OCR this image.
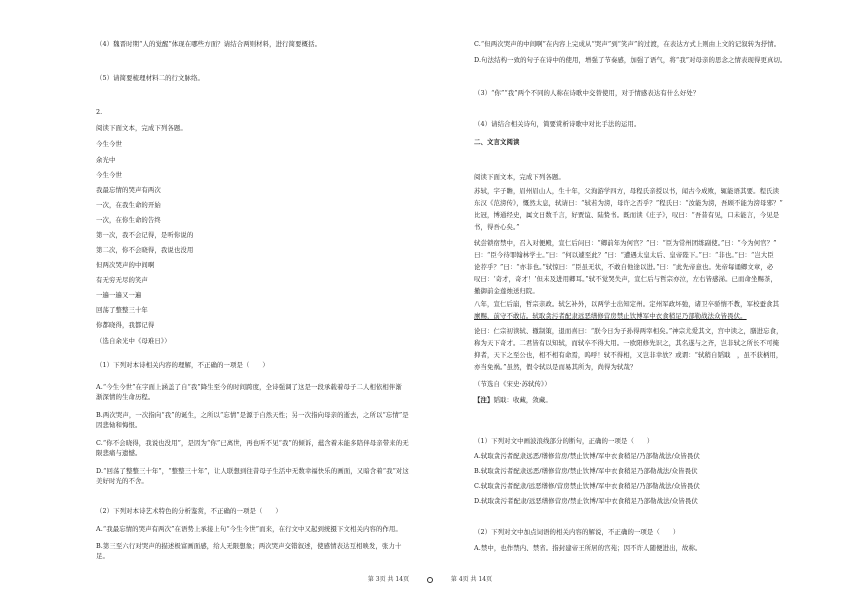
（4）魏晋时期“人的觉醒”体现在哪些方面？请结合两则材料，进行简要概括。
（5）请简要梳理材料二的行文脉络。
2.
阅读下面文本，完成下列各题。
今生今世
余光中
今生今世
我最忘情的哭声有两次
一次，在我生命的开始
一次，在你生命的告终
第一次，我不会记得，是听你说的
第二次，你不会晓得，我说也没用
但两次哭声的中间啊
有无穷无尽的笑声
一遍一遍又一遍
回荡了整整三十年
你都晓得，我都记得
（选自余光中《母难日》）
（1）下列对本诗相关内容的理解，不正确的一项是（　　）
A.“今生今世”在字面上涵盖了自“我”降生至今的时间跨度，全诗强调了这是一段承载着母子二人相依相伴渐
渐深情的生命历程。
B.两次哭声，一次指向“我”的诞生，之所以“忘情”是源于自然天性；另一次指向母亲的逝去，之所以“忘情”是
因悲恸和悔恨。
C.“你不会晓得，我说也没用”，是因为“你”已离世，再也听不见“我”的倾诉，蕴含着未能多陪伴母亲带来的无
限悲痛与遗憾。
D.“回荡了整整三十年”，“整整三十年”，让人联想到往昔母子生活中无数幸福快乐的画面，又暗含着“我”对这
美好时光的不舍。
（2）下列对本诗艺术特色的分析鉴赏，不正确的一项是（　　）
A.“我最忘情的哭声有两次”在语势上承接上句“今生今世”而来，在行文中又起到统摄下文相关内容的作用。
B.第三至六行对哭声的描述极富画面感，给人无限想象；两次哭声交错叙述，使感情表达互相映发，张力十
足。
C.“但两次哭声的中间啊”在内容上完成从“哭声”到“笑声”的过渡，在表达方式上则由上文的记叙转为抒情。
D.句法结构一致的句子在诗中的使用，增强了节奏感，加强了语气，将“我”对母亲的思念之情表现得更真切。
（3）“你”“我”两个不同的人称在诗歌中交替使用，对于情感表达有什么好处？
（4）请结合相关诗句，简要赏析诗歌中对比手法的运用。
二、文言文阅读
阅读下面文本，完成下列各题。
苏轼，字子瞻，眉州眉山人，生十年，父洵游学四方，母程氏亲授以书，闻古今成败，辄能语其要。程氏读
东汉《范滂传》，慨然太息，轼请曰：“轼若为滂，母许之否乎？”程氏曰：“汝能为滂，吾顾不能为滂母邪？”
比冠，博通经史，属文日数千言，好贾谊、陆贽书。既而读《庄子》，叹曰：“吾昔有见，口未能言，今见是
书，得吾心矣。”
轼尝锁宿禁中，召入对便殿，宣仁后问曰：“卿前年为何官？”曰：“臣为常州团练副使。”曰：“今为何官？”
曰：“臣今待罪翰林学士。”曰：“何以遽至此？”曰：“遭遇太皇太后、皇帝陛下。”曰：“非也。”曰：“岂大臣
论荐乎？”曰：“亦非也。”轼惊曰：“臣虽无状，不敢自他途以进。”曰：“此先帝意也。先帝每诵卿文章，必
叹曰：‘奇才，奇才！’但未及进用卿耳。”轼不觉哭失声，宣仁后与哲宗亦泣，左右皆感涕。已而命坐赐茶，
撤御前金莲烛送归院。
八年，宣仁后崩，哲宗亲政。轼乞补外，以两学士出知定州。定州军政坏弛，诸卫卒骄惰不教，军校蚕食其
廪赐，前守不敢诘。轼取贪污者配隶远恶缮修营房禁止饮博军中衣食稍足乃部勒战法众皆畏伏。
论曰：仁宗初读轼、辙制策，退而喜曰：“朕今日为子孙得两宰相矣。”神宗尤爱其文，宫中读之，膳进忘食，
称为天下奇才。二君皆有以知轼，而轼卒不得大用。一欧阳修先识之，其名遂与之齐，岂非轼之所长不可掩
抑者，天下之至公也，相不相有命焉，呜呼！轼不得相，又岂非幸欤？或谓：“轼稍自韬戢　，虽不获柄用，
亦当免祸。”虽然，假令轼以是而易其所为，尚得为轼哉？
（节选自《宋史·苏轼传》）
【注】韬戢：收藏，敛藏。
（1）下列对文中画波浪线部分的断句，正确的一项是（　　）
A.轼取贪污者配隶远恶/缮修营房/禁止饮博/军中衣食稍足/乃部勒战法/众皆畏伏
B.轼取贪污者配隶远恶/缮修营房/禁止饮博/军中衣食稍足乃部勒战法/众皆畏伏
C.轼取贪污者配隶/远恶缮修/营房禁止饮博/军中衣食稍足/乃部勒战法/众皆畏伏
D.轼取贪污者配隶/远恶缮修营房/禁止饮博/军中衣食稍足乃部勒战法/众皆畏伏
（2）下列对文中加点词语的相关内容的解说，不正确的一项是（　　）
A.禁中，也作禁内、禁省。指封建帝王所居的宫苑；因不许人随便进出，故称。
第 3页 共 14页	第 4页 共 14页
